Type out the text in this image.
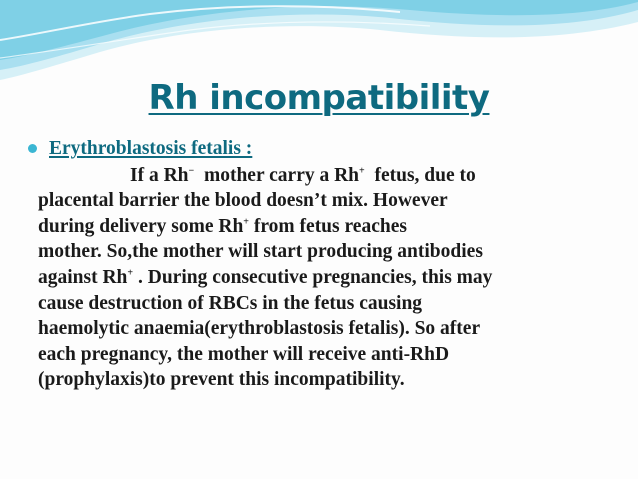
Rh incompatibility
Erythroblastosis fetalis :
If a Rh−  mother carry a Rh+  fetus, due to
placental barrier the blood doesn’t mix. However
during delivery some Rh+ from fetus reaches
mother. So,the mother will start producing antibodies
against Rh+ . During consecutive pregnancies, this may
cause destruction of RBCs in the fetus causing
haemolytic anaemia(erythroblastosis fetalis). So after
each pregnancy, the mother will receive anti-RhD
(prophylaxis)to prevent this incompatibility.
